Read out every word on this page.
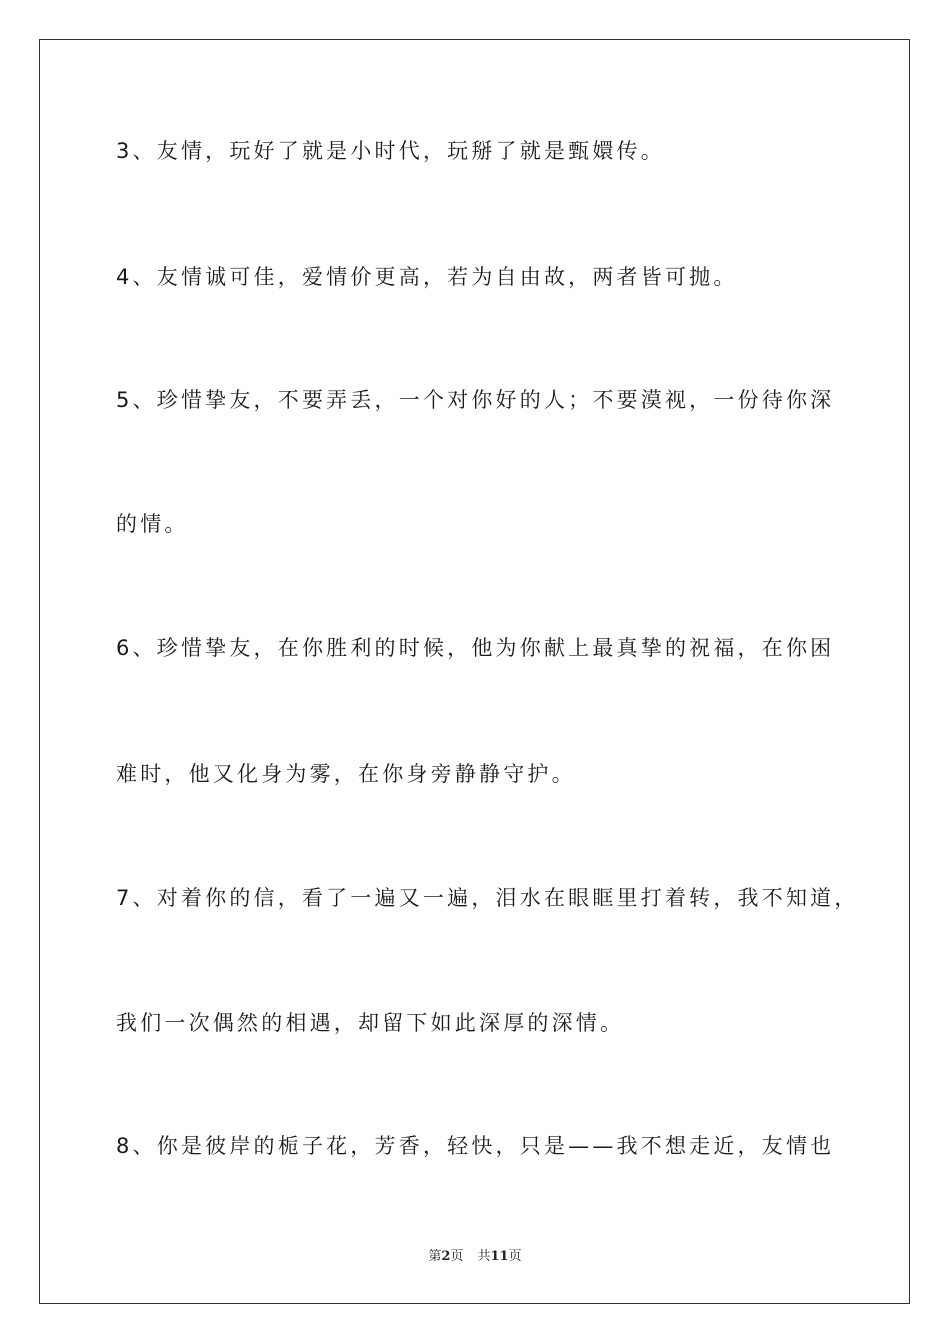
3、友情，玩好了就是小时代，玩掰了就是甄嬛传。
4、友情诚可佳，爱情价更高，若为自由故，两者皆可抛。
5、珍惜挚友，不要弄丢，一个对你好的人；不要漠视，一份待你深
的情。
6、珍惜挚友，在你胜利的时候，他为你献上最真挚的祝福，在你困
难时，他又化身为雾，在你身旁静静守护。
7、对着你的信，看了一遍又一遍，泪水在眼眶里打着转，我不知道，
我们一次偶然的相遇，却留下如此深厚的深情。
8、你是彼岸的栀子花，芳香，轻快，只是——我不想走近，友情也
第2页 共11页
